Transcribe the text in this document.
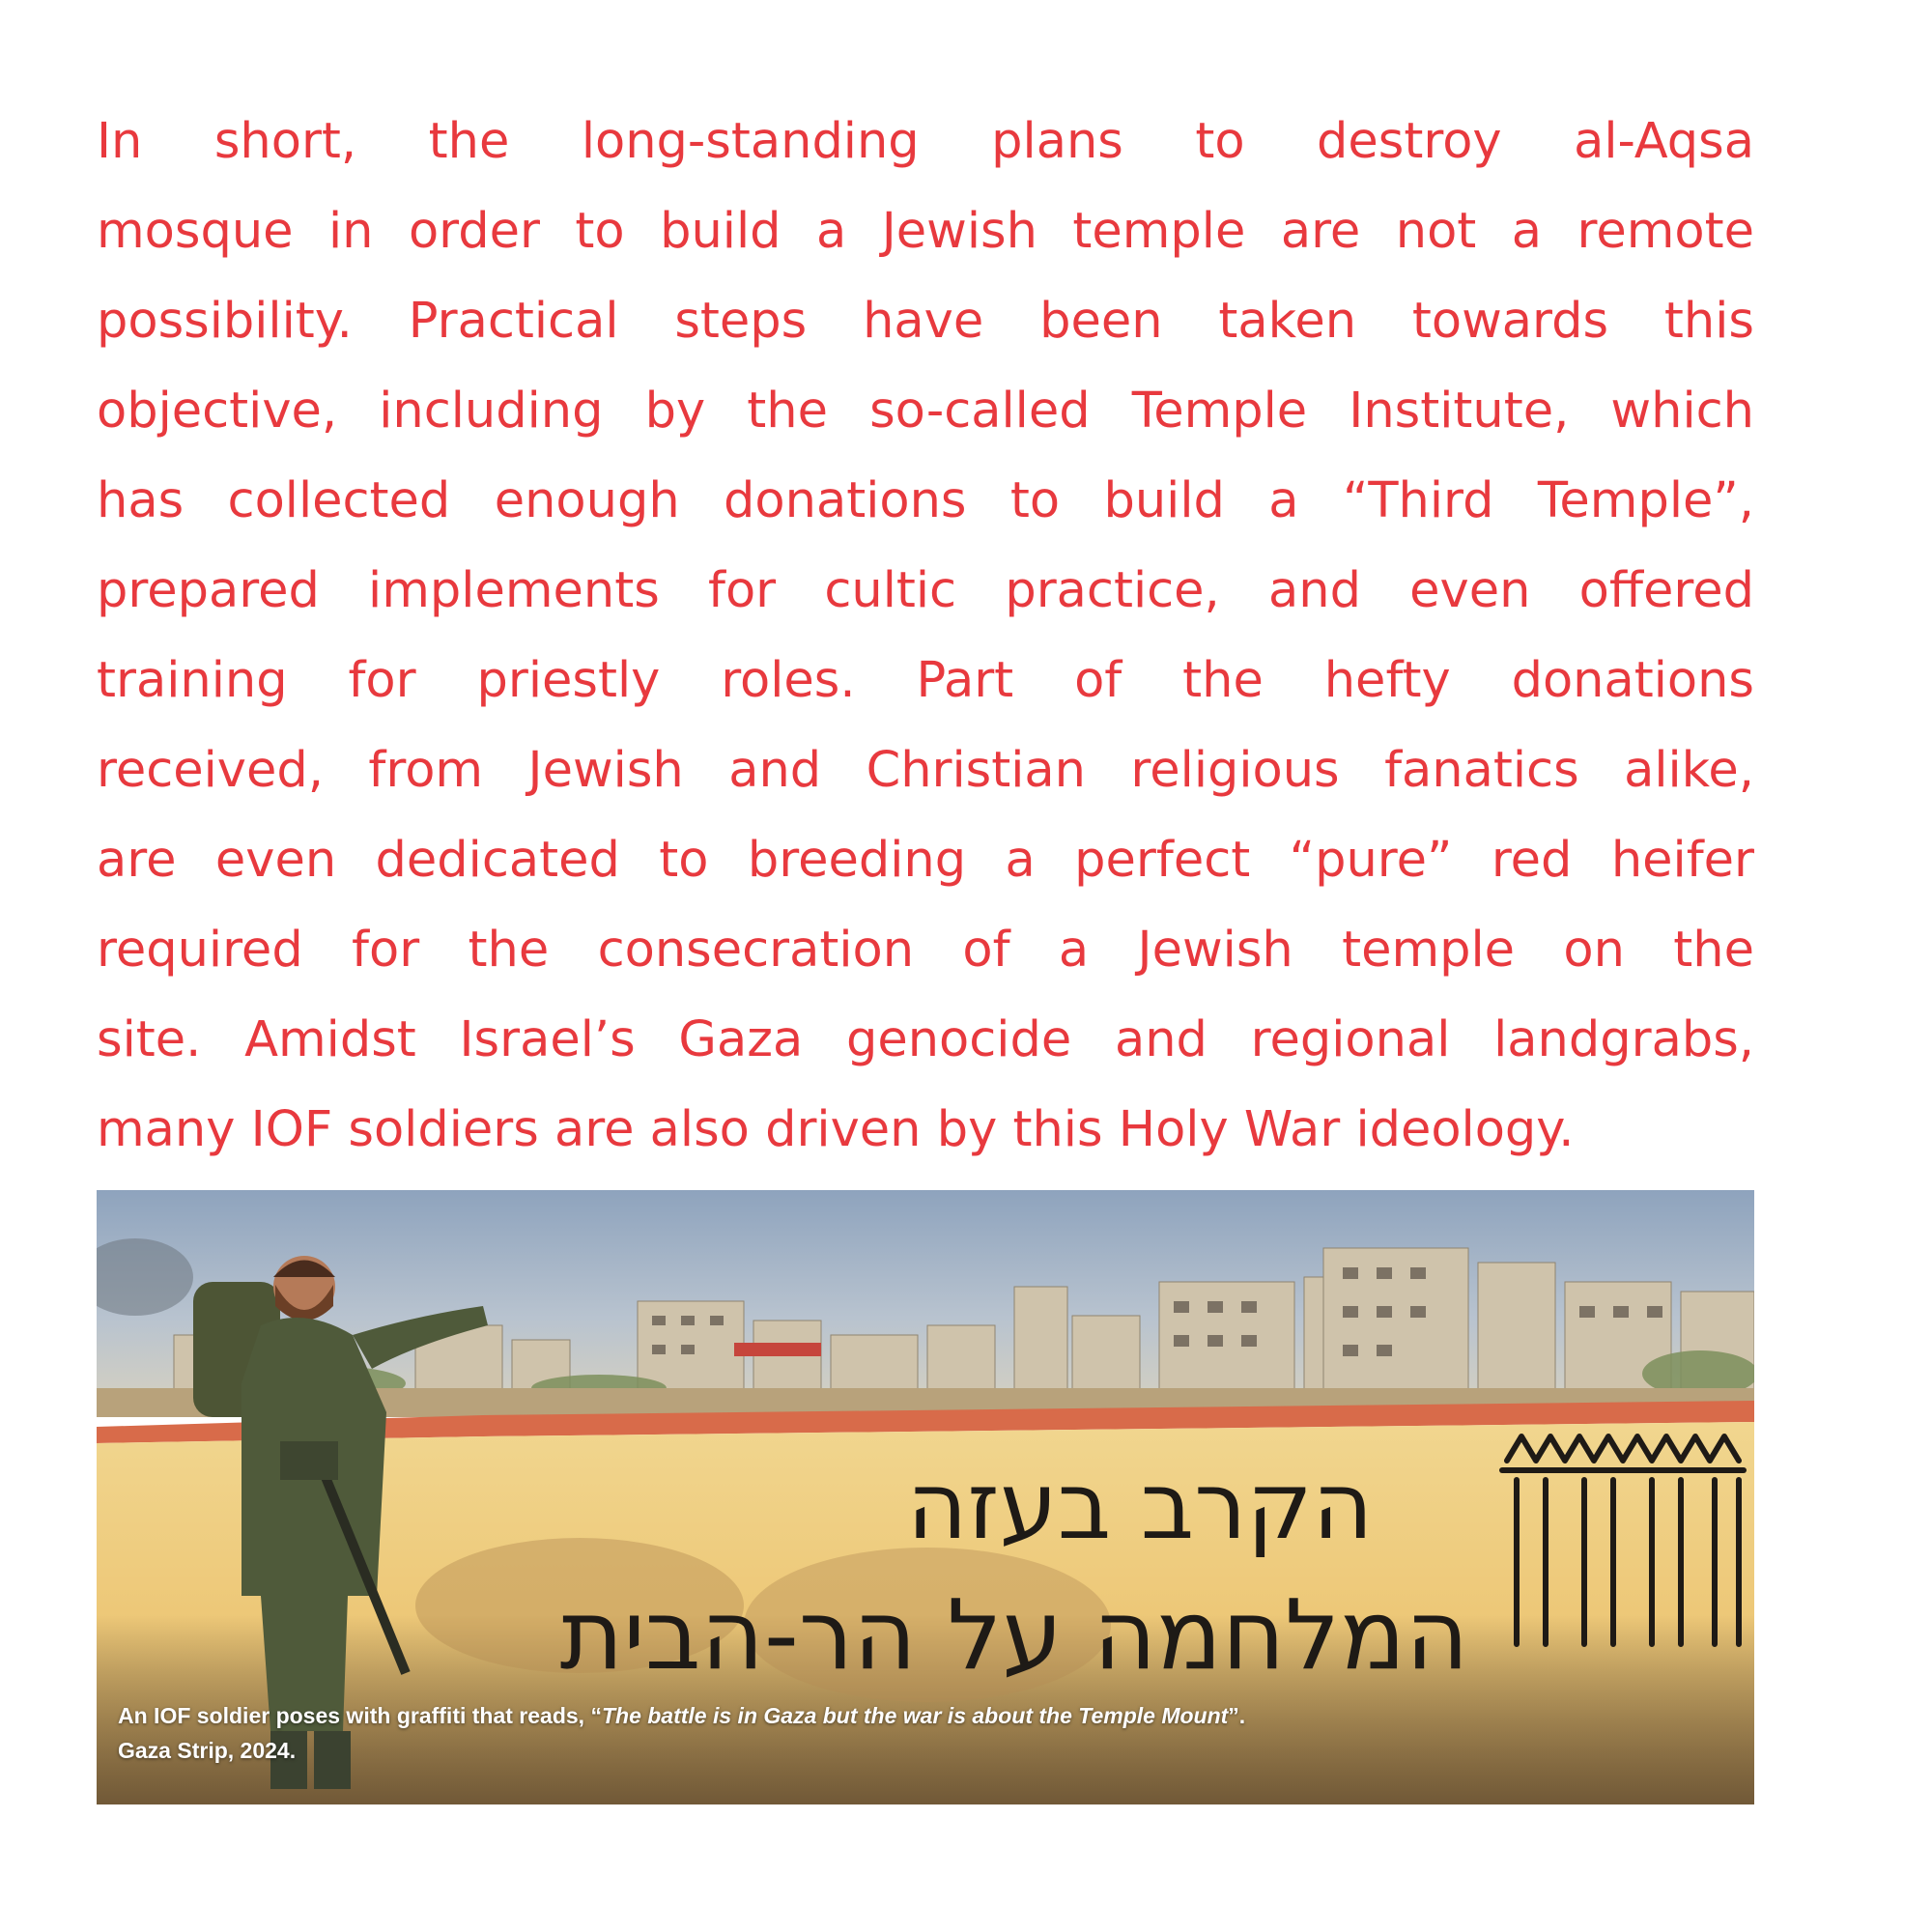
In short, the long-standing plans to destroy al-Aqsa
mosque in order to build a Jewish temple are not a remote
possibility. Practical steps have been taken towards this
objective, including by the so-called Temple Institute, which
has collected enough donations to build a “Third Temple”,
prepared implements for cultic practice, and even offered
training for priestly roles. Part of the hefty donations
received, from Jewish and Christian religious fanatics alike,
are even dedicated to breeding a perfect “pure” red heifer
required for the consecration of a Jewish temple on the
site. Amidst Israel’s Gaza genocide and regional landgrabs,
many IOF soldiers are also driven by this Holy War ideology.
הקרב בעזה
המלחמה על הר-הבית
An IOF soldier poses with graffiti that reads, “The battle is in Gaza but the war is about the Temple Mount”.
Gaza Strip, 2024.
